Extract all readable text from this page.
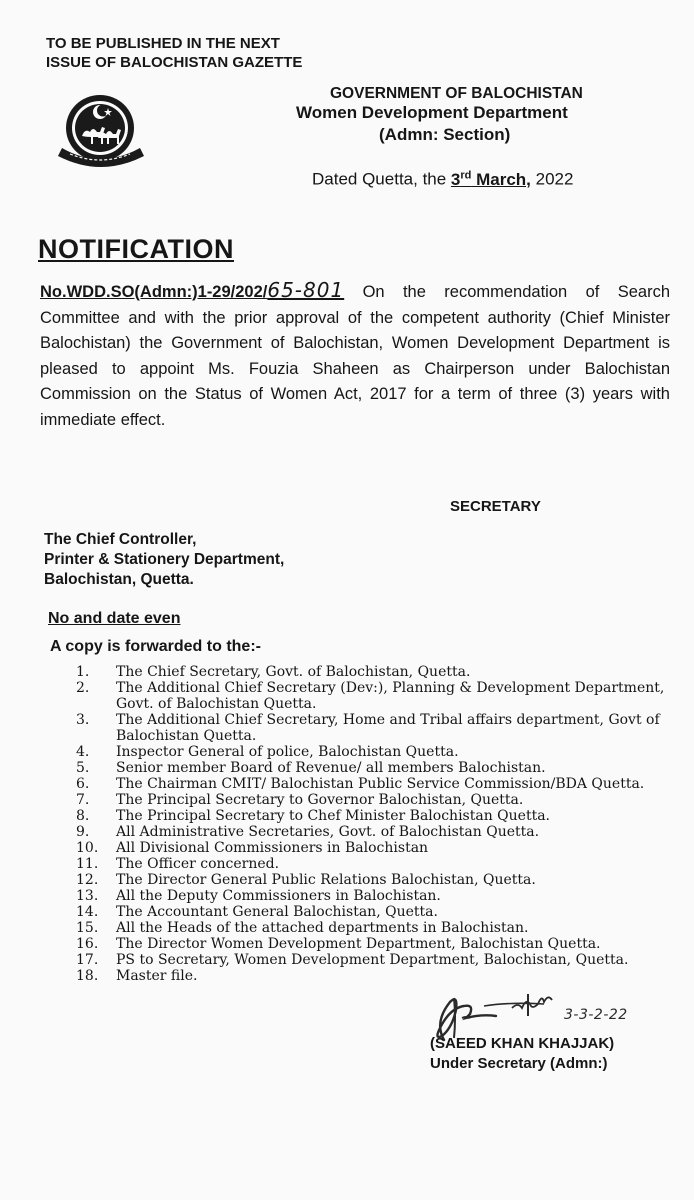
TO BE PUBLISHED IN THE NEXT
ISSUE OF BALOCHISTAN GAZETTE
GOVERNMENT OF BALOCHISTAN
Women Development Department
(Admn: Section)
Dated Quetta, the 3rd March, 2022
NOTIFICATION
No.WDD.SO(Admn:)1-29/202/65-801 On the recommendation of Search Committee and with the prior approval of the competent authority (Chief Minister Balochistan) the Government of Balochistan, Women Development Department is pleased to appoint Ms. Fouzia Shaheen as Chairperson under Balochistan Commission on the Status of Women Act, 2017 for a term of three (3) years with immediate effect.
SECRETARY
The Chief Controller,
Printer & Stationery Department,
Balochistan, Quetta.
No and date even
A copy is forwarded to the:-
1.	The Chief Secretary, Govt. of Balochistan, Quetta.
2.	The Additional Chief Secretary (Dev:), Planning & Development Department, Govt. of Balochistan Quetta.
3.	The Additional Chief Secretary, Home and Tribal affairs department, Govt of Balochistan Quetta.
4.	Inspector General of police, Balochistan Quetta.
5.	Senior member Board of Revenue/ all members Balochistan.
6.	The Chairman CMIT/ Balochistan Public Service Commission/BDA Quetta.
7.	The Principal Secretary to Governor Balochistan, Quetta.
8.	The Principal Secretary to Chef Minister Balochistan Quetta.
9.	All Administrative Secretaries, Govt. of Balochistan Quetta.
10.	All Divisional Commissioners in Balochistan
11.	The Officer concerned.
12.	The Director General Public Relations Balochistan, Quetta.
13.	All the Deputy Commissioners in Balochistan.
14.	The Accountant General Balochistan, Quetta.
15.	All the Heads of the attached departments in Balochistan.
16.	The Director Women Development Department, Balochistan Quetta.
17.	PS to Secretary, Women Development Department, Balochistan, Quetta.
18.	Master file.
3-3-2-22
(SAEED KHAN KHAJJAK)
Under Secretary (Admn:)
